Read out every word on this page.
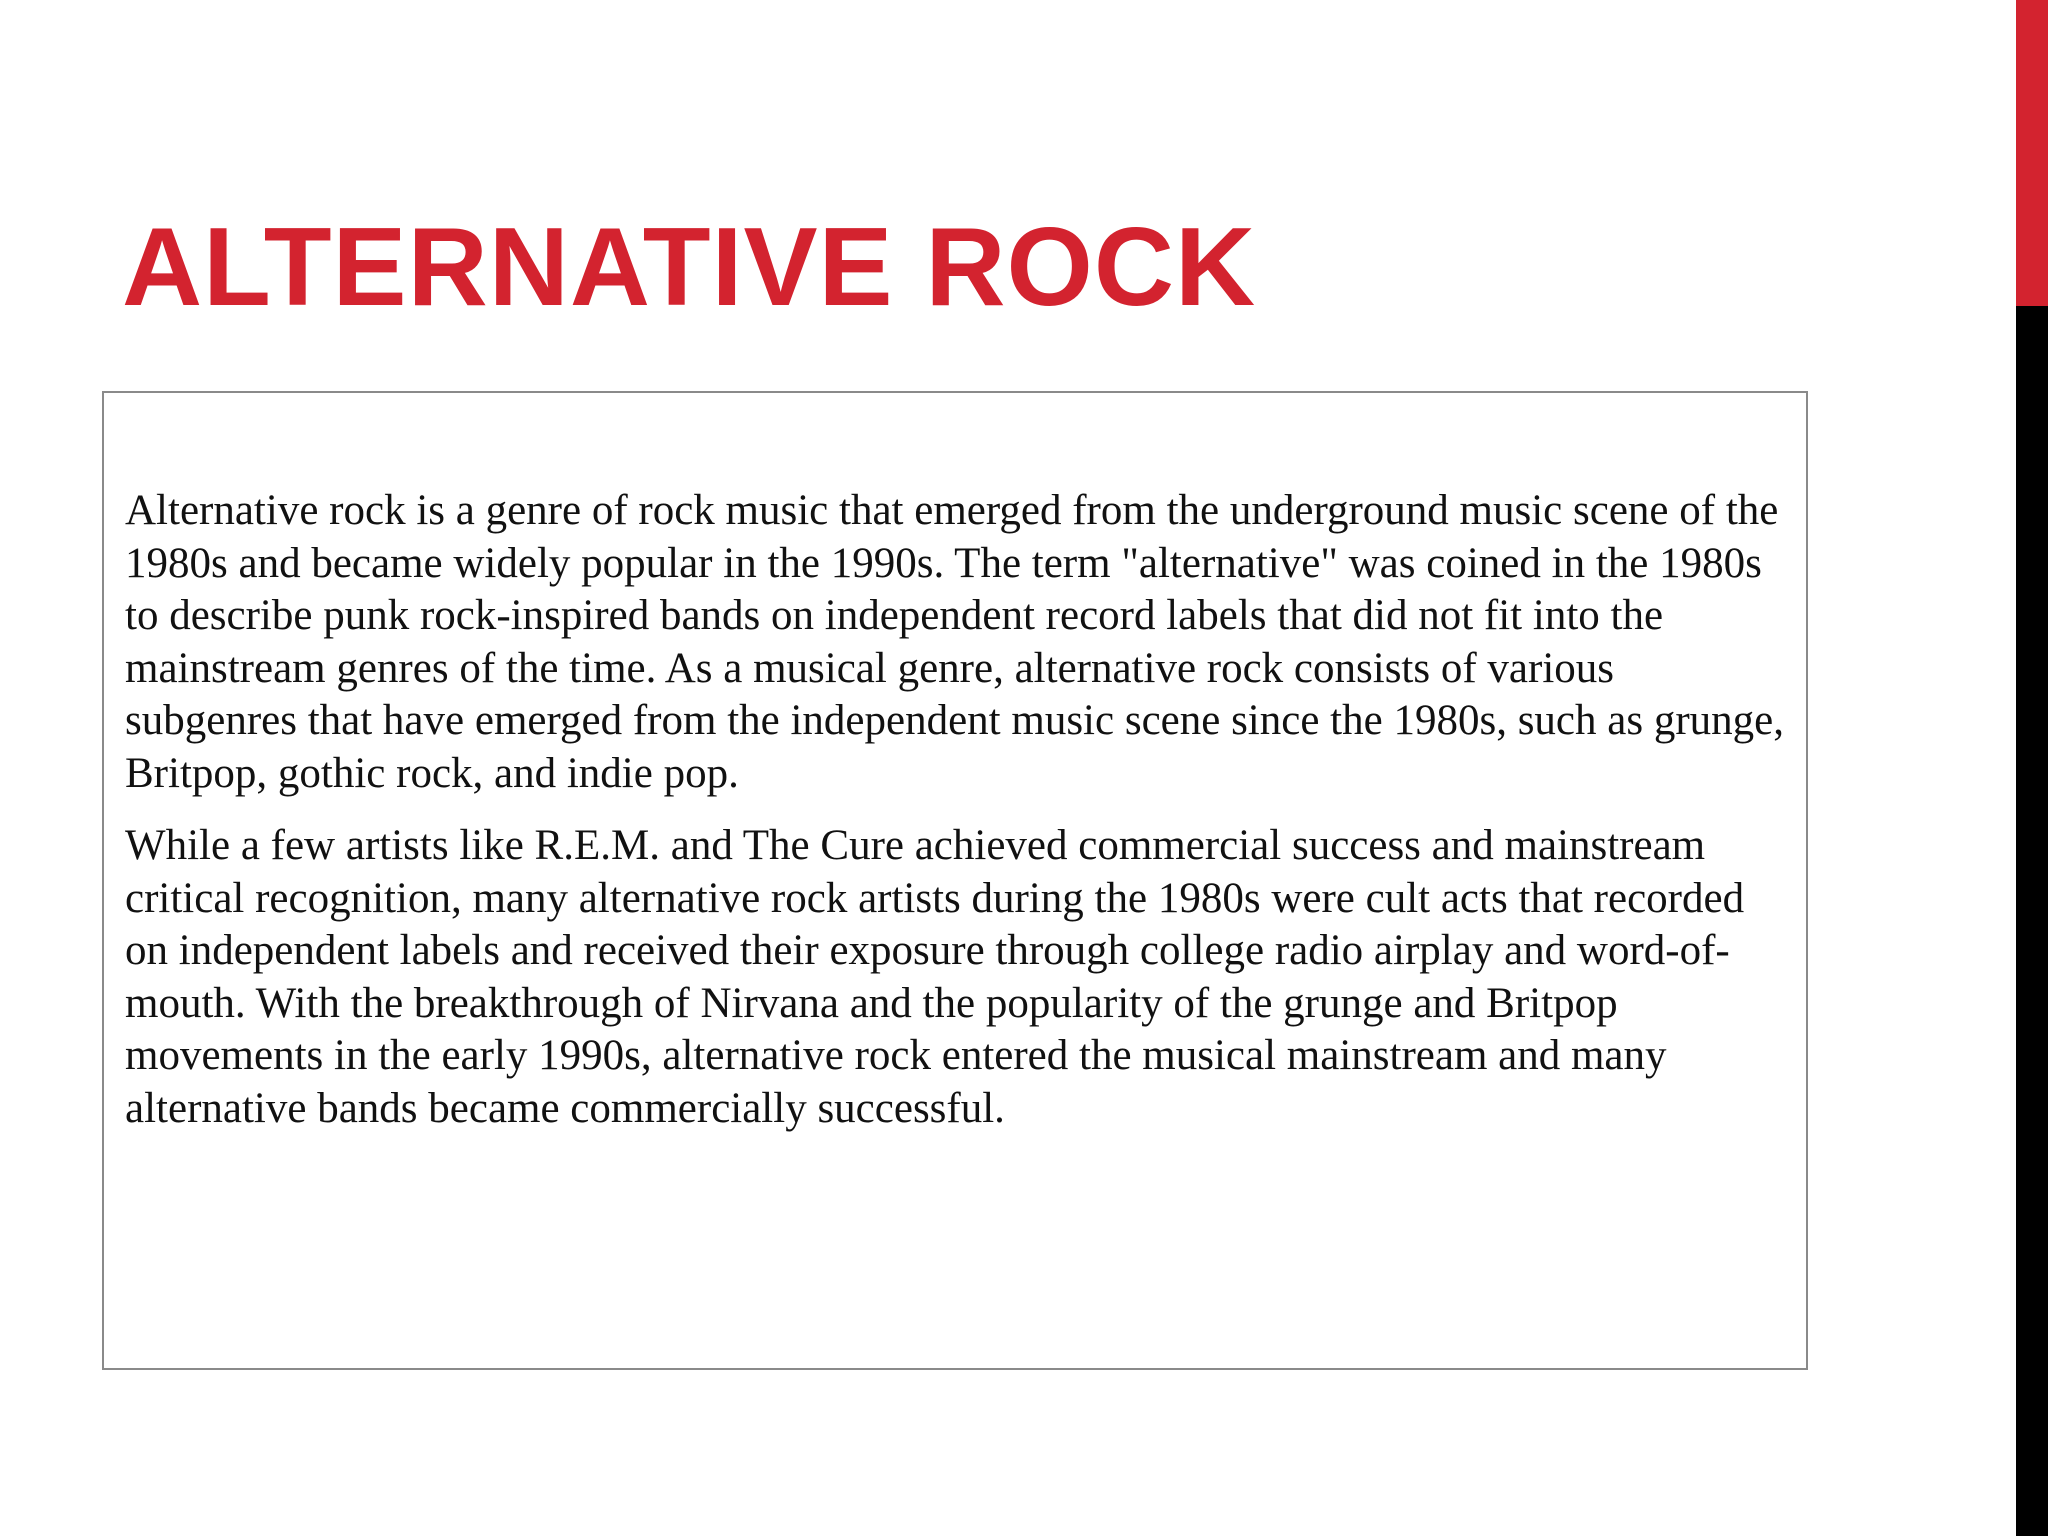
ALTERNATIVE ROCK

Alternative rock is a genre of rock music that emerged from the underground music scene of the 1980s and became widely popular in the 1990s. The term "alternative" was coined in the 1980s to describe punk rock-inspired bands on independent record labels that did not fit into the mainstream genres of the time. As a musical genre, alternative rock consists of various subgenres that have emerged from the independent music scene since the 1980s, such as grunge, Britpop, gothic rock, and indie pop.

While a few artists like R.E.M. and The Cure achieved commercial success and mainstream critical recognition, many alternative rock artists during the 1980s were cult acts that recorded on independent labels and received their exposure through college radio airplay and word-of-mouth. With the breakthrough of Nirvana and the popularity of the grunge and Britpop movements in the early 1990s, alternative rock entered the musical mainstream and many alternative bands became commercially successful.
